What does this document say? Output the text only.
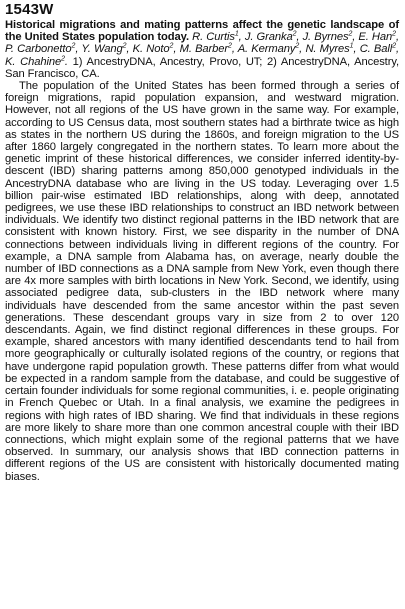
1543W

Historical migrations and mating patterns affect the genetic landscape of the United States population today. R. Curtis$^1$, J. Granka$^2$, J. Byrnes$^2$, E. Han$^2$, P. Carbonetto$^2$, Y. Wang$^2$, K. Noto$^2$, M. Barber$^2$, A. Kermany$^2$, N. Myres$^1$, C. Ball$^2$, K. Chahine$^2$. 1) AncestryDNA, Ancestry, Provo, UT; 2) AncestryDNA, Ancestry, San Francisco, CA.

The population of the United States has been formed through a series of foreign migrations, rapid population expansion, and westward migration. However, not all regions of the US have grown in the same way. For example, according to US Census data, most southern states had a birthrate twice as high as states in the northern US during the 1860s, and foreign migration to the US after 1860 largely congregated in the northern states. To learn more about the genetic imprint of these historical differences, we consider inferred identity-by-descent (IBD) sharing patterns among 850,000 genotyped individuals in the AncestryDNA database who are living in the US today. Leveraging over 1.5 billion pair-wise estimated IBD relationships, along with deep, annotated pedigrees, we use these IBD relationships to construct an IBD network between individuals. We identify two distinct regional patterns in the IBD network that are consistent with known history. First, we see disparity in the number of DNA connections between individuals living in different regions of the country. For example, a DNA sample from Alabama has, on average, nearly double the number of IBD connections as a DNA sample from New York, even though there are 4x more samples with birth locations in New York. Second, we identify, using associated pedigree data, sub-clusters in the IBD network where many individuals have descended from the same ancestor within the past seven generations. These descendant groups vary in size from 2 to over 120 descendants. Again, we find distinct regional differences in these groups. For example, shared ancestors with many identified descendants tend to hail from more geographically or culturally isolated regions of the country, or regions that have undergone rapid population growth. These patterns differ from what would be expected in a random sample from the database, and could be suggestive of certain founder individuals for some regional communities, i. e. people originating in French Quebec or Utah. In a final analysis, we examine the pedigrees in regions with high rates of IBD sharing. We find that individuals in these regions are more likely to share more than one common ancestral couple with their IBD connections, which might explain some of the regional patterns that we have observed. In summary, our analysis shows that IBD connection patterns in different regions of the US are consistent with historically documented mating biases.
